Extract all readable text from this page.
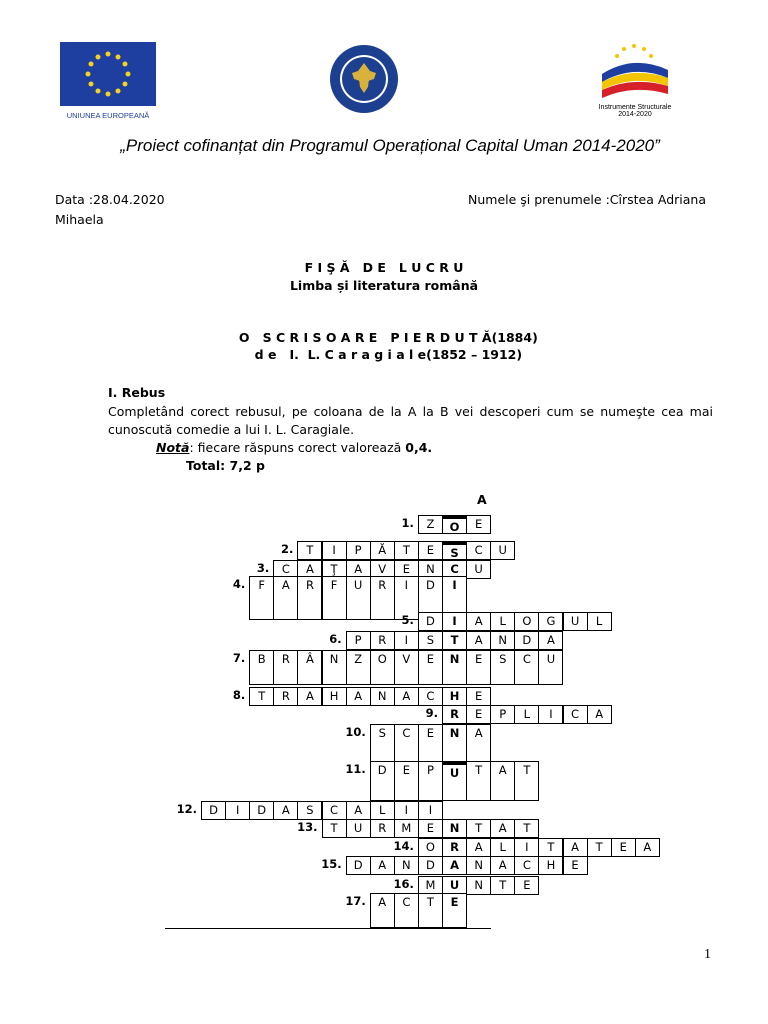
UNIUNEA EUROPEANĂ
Instrumente Structurale
2014-2020
„Proiect cofinanțat din Programul Operațional Capital Uman 2014-2020”
Data :28.04.2020	Numele şi prenumele :Cîrstea Adriana
Mihaela
F I Ş Ă   D E   L U C R U
Limba și literatura română

O   S C R I S O A R E   P I E R D U T Ă(1884)

d e   I.  L. C a r a g i a l e(1852 – 1912)

I. Rebus
Completând corect rebusul, pe coloana de la A la B vei descoperi cum se numeşte cea mai cunoscută comedie a lui I. L. Caragiale.
Notă: fiecare răspuns corect valorează 0,4.
Total: 7,2 p
A
Z	O	E
1.
T	I	P	Ă	T	E	S	C	U
2.
C	A	Ţ	A	V	E	N	C	U
3.
F	A	R	F	U	R	I	D	I
4.
D	I	A	L	O	G	U	L
5.
P	R	I	S	T	A	N	D	A
6.
B	R	Â	N	Z	O	V	E	N	E	S	C	U
7.
T	R	A	H	A	N	A	C	H	E
8.
R	E	P	L	I	C	A
9.
S	C	E	N	A
10.
D	E	P	U	T	A	T
11.
D	I	D	A	S	C	A	L	I	I
12.
T	U	R	M	E	N	T	A	T
13.
O	R	A	L	I	T	A	T	E	A
14.
D	A	N	D	A	N	A	C	H	E
15.
M	U	N	T	E
16.
A	C	T	E
17.
1
